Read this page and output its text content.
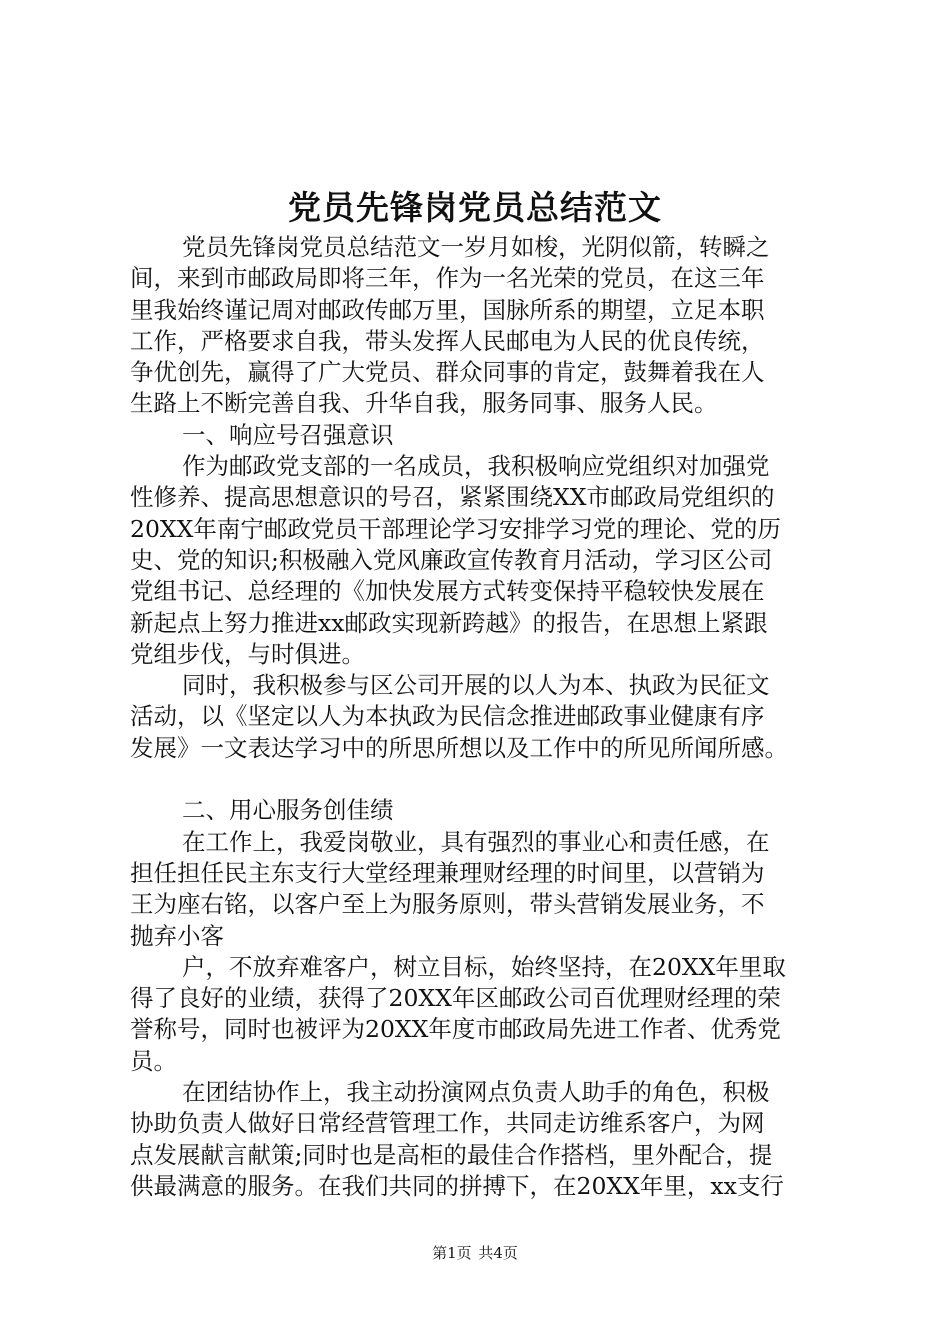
党员先锋岗党员总结范文
党员先锋岗党员总结范文一岁月如梭，光阴似箭，转瞬之
间，来到市邮政局即将三年，作为一名光荣的党员，在这三年
里我始终谨记周对邮政传邮万里，国脉所系的期望，立足本职
工作，严格要求自我，带头发挥人民邮电为人民的优良传统，
争优创先，赢得了广大党员、群众同事的肯定，鼓舞着我在人
生路上不断完善自我、升华自我，服务同事、服务人民。
一、响应号召强意识
作为邮政党支部的一名成员，我积极响应党组织对加强党
性修养、提高思想意识的号召，紧紧围绕XX市邮政局党组织的
20XX年南宁邮政党员干部理论学习安排学习党的理论、党的历
史、党的知识;积极融入党风廉政宣传教育月活动，学习区公司
党组书记、总经理的《加快发展方式转变保持平稳较快发展在
新起点上努力推进xx邮政实现新跨越》的报告，在思想上紧跟
党组步伐，与时俱进。
同时，我积极参与区公司开展的以人为本、执政为民征文
活动，以《坚定以人为本执政为民信念推进邮政事业健康有序
发展》一文表达学习中的所思所想以及工作中的所见所闻所感。
二、用心服务创佳绩
在工作上，我爱岗敬业，具有强烈的事业心和责任感，在
担任担任民主东支行大堂经理兼理财经理的时间里，以营销为
王为座右铭，以客户至上为服务原则，带头营销发展业务，不
抛弃小客
户，不放弃难客户，树立目标，始终坚持，在20XX年里取
得了良好的业绩，获得了20XX年区邮政公司百优理财经理的荣
誉称号，同时也被评为20XX年度市邮政局先进工作者、优秀党
员。
在团结协作上，我主动扮演网点负责人助手的角色，积极
协助负责人做好日常经营管理工作，共同走访维系客户，为网
点发展献言献策;同时也是高柜的最佳合作搭档，里外配合，提
供最满意的服务。在我们共同的拼搏下，在20XX年里，xx支行
第1页 共4页
